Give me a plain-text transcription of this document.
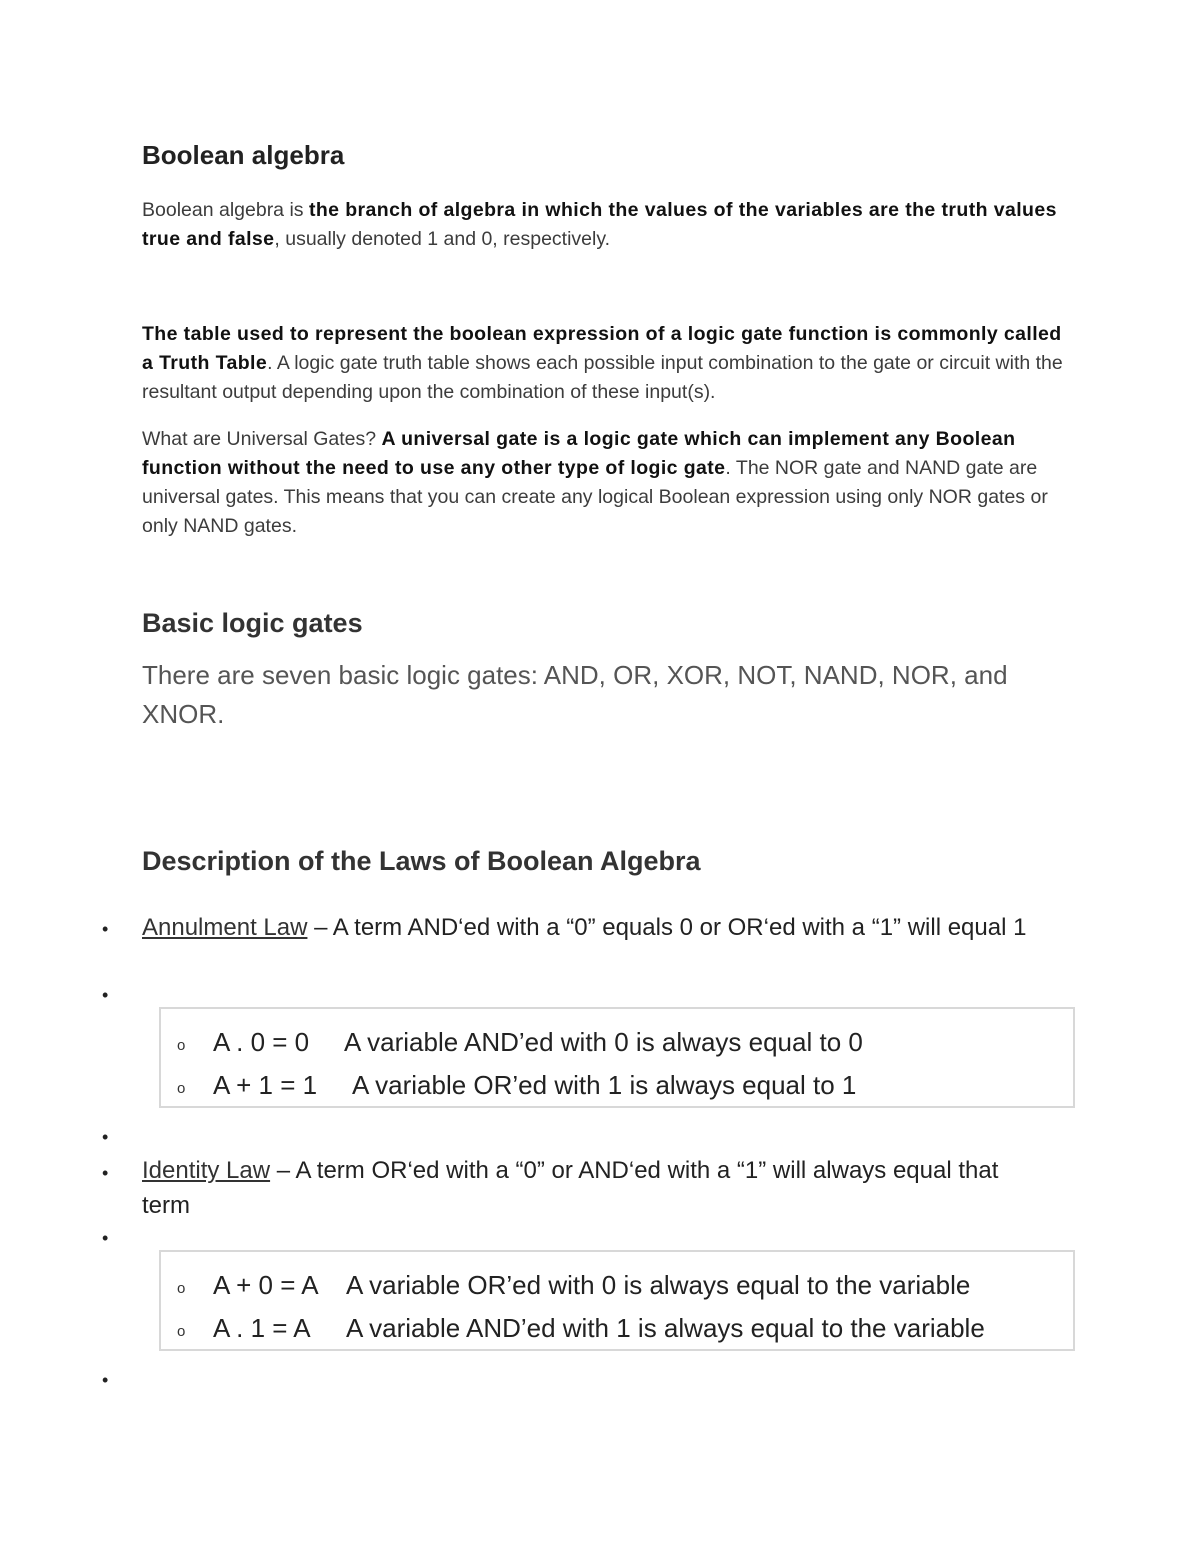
Boolean algebra

Boolean algebra is the branch of algebra in which the values of the variables are the truth values true and false, usually denoted 1 and 0, respectively.

The table used to represent the boolean expression of a logic gate function is commonly called a Truth Table. A logic gate truth table shows each possible input combination to the gate or circuit with the resultant output depending upon the combination of these input(s).

What are Universal Gates? A universal gate is a logic gate which can implement any Boolean function without the need to use any other type of logic gate. The NOR gate and NAND gate are universal gates. This means that you can create any logical Boolean expression using only NOR gates or only NAND gates.

Basic logic gates

There are seven basic logic gates: AND, OR, XOR, NOT, NAND, NOR, and XNOR.

Description of the Laws of Boolean Algebra
• Annulment Law – A term AND‘ed with a “0” equals 0 or OR‘ed with a “1” will equal 1

•
o A . 0 = 0 A variable AND’ed with 0 is always equal to 0
o A + 1 = 1 A variable OR’ed with 1 is always equal to 1
•
• Identity Law – A term OR‘ed with a “0” or AND‘ed with a “1” will always equal that term

•
o A + 0 = A A variable OR’ed with 0 is always equal to the variable
o A . 1 = A A variable AND’ed with 1 is always equal to the variable
•
